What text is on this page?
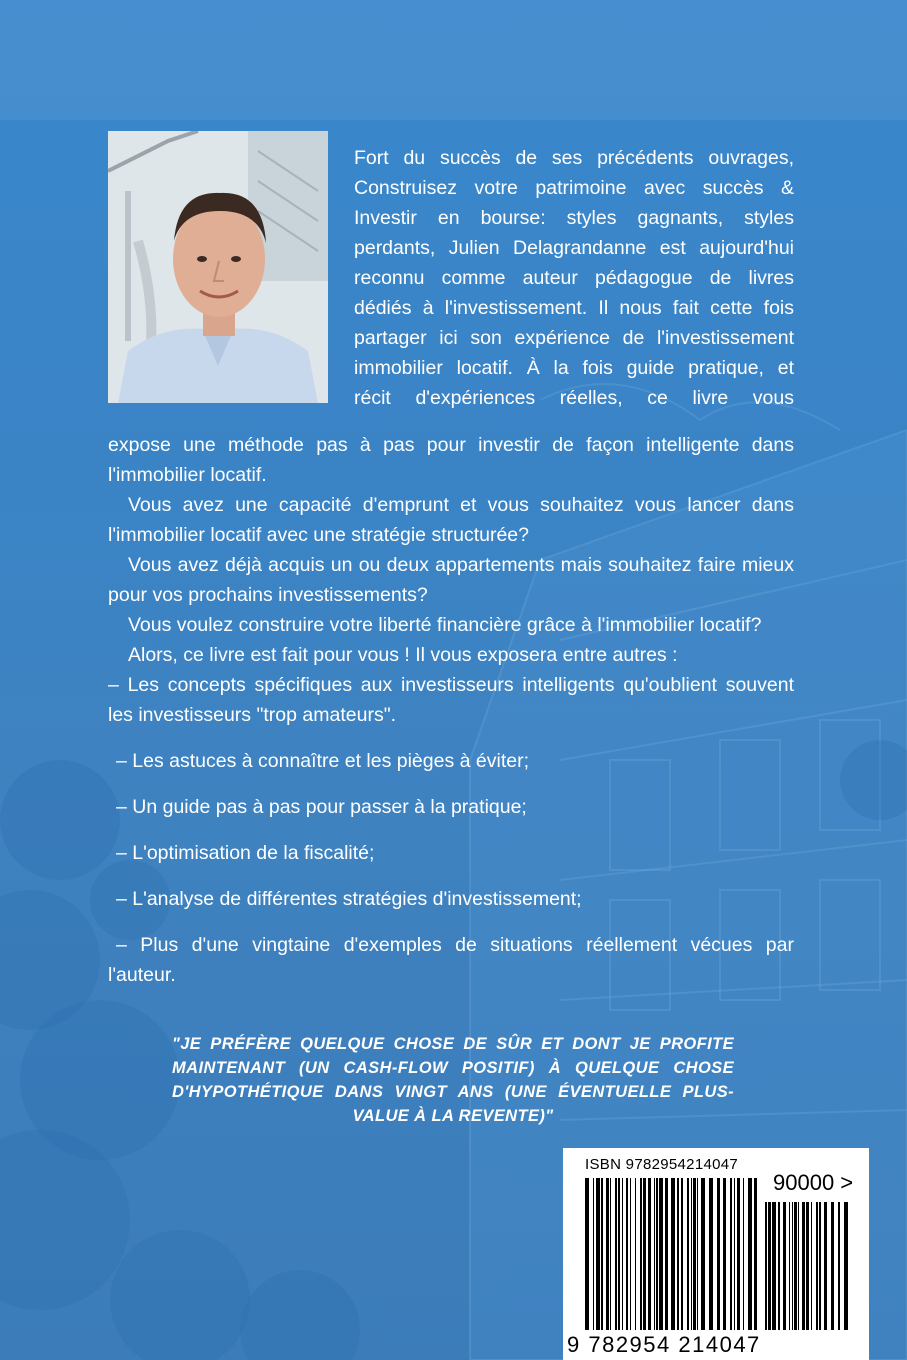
Fort du succès de ses précédents ouvrages,
Construisez votre patrimoine avec succès &
Investir en bourse: styles gagnants, styles
perdants, Julien Delagrandanne est aujourd'hui
reconnu comme auteur pédagogue de livres
dédiés à l'investissement. Il nous fait cette fois
partager ici son expérience de l'investissement
immobilier locatif. À la fois guide pratique, et
récit d'expériences réelles, ce livre vous

expose une méthode pas à pas pour investir de façon intelligente dans l'immobilier locatif.

Vous avez une capacité d'emprunt et vous souhaitez vous lancer dans l'immobilier locatif avec une stratégie structurée?

Vous avez déjà acquis un ou deux appartements mais souhaitez faire mieux pour vos prochains investissements?

Vous voulez construire votre liberté financière grâce à l'immobilier locatif?

Alors, ce livre est fait pour vous ! Il vous exposera entre autres :

– Les concepts spécifiques aux investisseurs intelligents qu'oublient souvent les investisseurs "trop amateurs".

– Les astuces à connaître et les pièges à éviter;
– Un guide pas à pas pour passer à la pratique;
– L'optimisation de la fiscalité;
– L'analyse de différentes stratégies d'investissement;
– Plus d'une vingtaine d'exemples de situations réellement vécues par l'auteur.

"JE PRÉFÈRE QUELQUE CHOSE DE SÛR ET DONT JE PROFITE MAINTENANT (UN CASH-FLOW POSITIF) À QUELQUE CHOSE D'HYPOTHÉTIQUE DANS VINGT ANS (UNE ÉVENTUELLE PLUS-VALUE À LA REVENTE)"
ISBN 9782954214047
90000 >
9 782954 214047
